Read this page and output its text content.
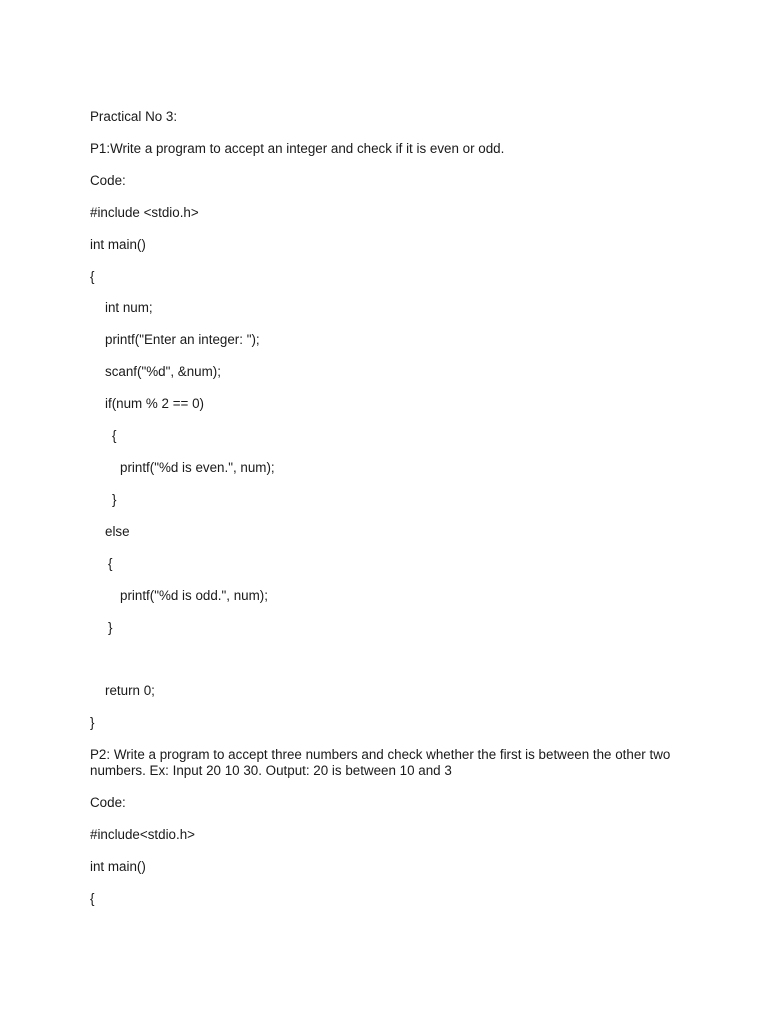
Practical No 3:
P1:Write a program to accept an integer and check if it is even or odd.
Code:
#include <stdio.h>
int main()
{
int num;
printf("Enter an integer: ");
scanf("%d", &num);
if(num % 2 == 0)
{
printf("%d is even.", num);
}
else
{
printf("%d is odd.", num);
}
return 0;
}
P2: Write a program to accept three numbers and check whether the first is between the other two numbers. Ex: Input 20 10 30. Output: 20 is between 10 and 3
Code:
#include<stdio.h>
int main()
{
